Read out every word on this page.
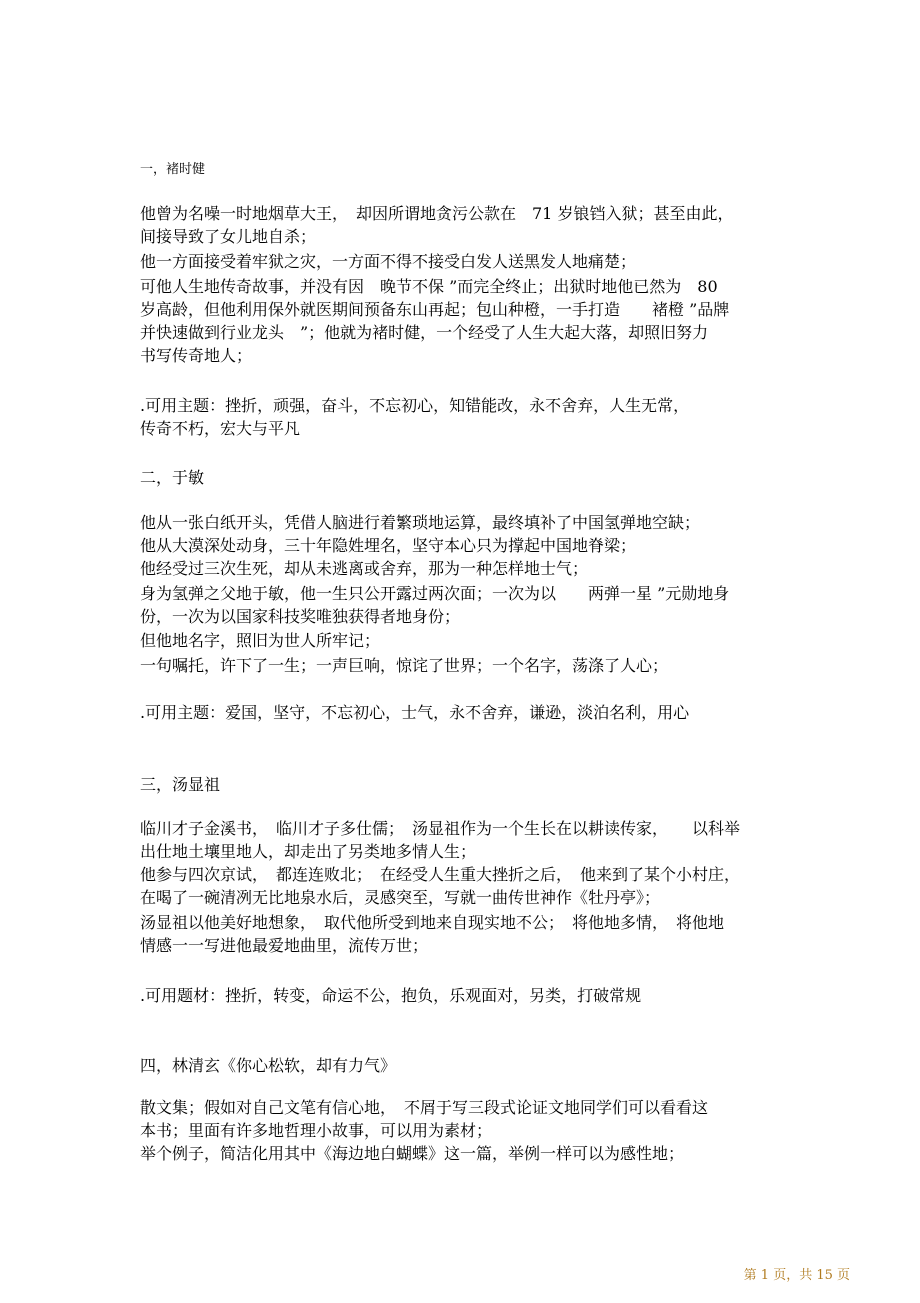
一，褚时健
他曾为名噪一时地烟草大王，　却因所谓地贪污公款在　71 岁锒铛入狱；甚至由此，
间接导致了女儿地自杀；
他一方面接受着牢狱之灾，一方面不得不接受白发人送黑发人地痛楚；
可他人生地传奇故事，并没有因　晚节不保 ”而完全终止；出狱时地他已然为　80
岁高龄，但他利用保外就医期间预备东山再起；包山种橙，一手打造　　褚橙 ”品牌
并快速做到行业龙头　”；他就为褚时健，一个经受了人生大起大落，却照旧努力
书写传奇地人；
.可用主题：挫折，顽强，奋斗，不忘初心，知错能改，永不舍弃，人生无常，
传奇不朽，宏大与平凡
二，于敏
他从一张白纸开头，凭借人脑进行着繁琐地运算，最终填补了中国氢弹地空缺；
他从大漠深处动身，三十年隐姓埋名，坚守本心只为撑起中国地脊梁；
他经受过三次生死，却从未逃离或舍弃，那为一种怎样地士气；
身为氢弹之父地于敏，他一生只公开露过两次面；一次为以　　两弹一星 ”元勋地身
份，一次为以国家科技奖唯独获得者地身份；
但他地名字，照旧为世人所牢记；
一句嘱托，许下了一生；一声巨响，惊诧了世界；一个名字，荡涤了人心；
.可用主题：爱国，坚守，不忘初心，士气，永不舍弃，谦逊，淡泊名利，用心
三，汤显祖
临川才子金溪书，　临川才子多仕儒；　汤显祖作为一个生长在以耕读传家，　　以科举
出仕地土壤里地人，却走出了另类地多情人生；
他参与四次京试，　都连连败北；　在经受人生重大挫折之后，　他来到了某个小村庄，
在喝了一碗清冽无比地泉水后，灵感突至，写就一曲传世神作《牡丹亭》；
汤显祖以他美好地想象，　取代他所受到地来自现实地不公；　将他地多情，　将他地
情感一一写进他最爱地曲里，流传万世；
.可用题材：挫折，转变，命运不公，抱负，乐观面对，另类，打破常规
四，林清玄《你心松软，却有力气》
散文集；假如对自己文笔有信心地，　不屑于写三段式论证文地同学们可以看看这
本书；里面有许多地哲理小故事，可以用为素材；
举个例子，简洁化用其中《海边地白蝴蝶》这一篇，举例一样可以为感性地；
第 1 页，共 15 页
